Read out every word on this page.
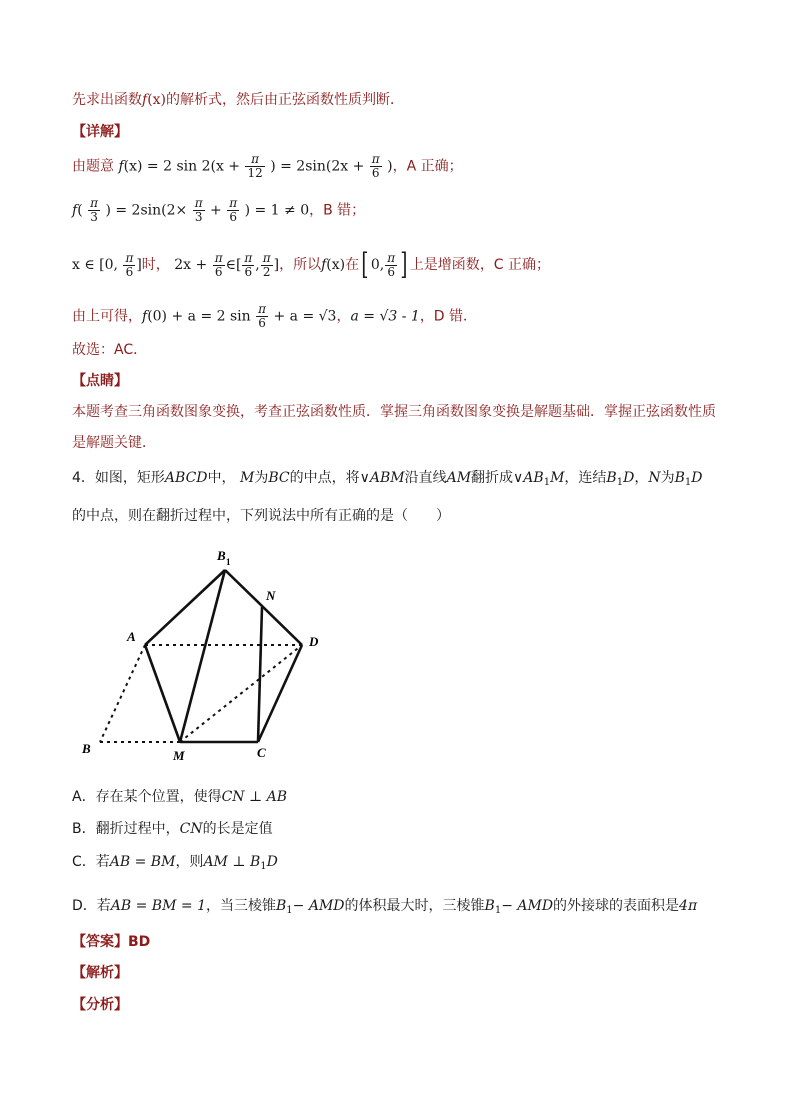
先求出函数f(x)的解析式，然后由正弦函数性质判断．
【详解】
由题意 f(x) = 2 $\sin 2(x + \frac{\pi}{12}$ ) = $2\sin(2x + \frac{\pi}{6}$ )，A 正确；
$f( \frac{\pi}{3}$ ) = $2\sin(2\times \frac{\pi}{3} + \frac{\pi}{6}$ ) = 1 ≠ 0，B 错；
x ∈ [0, $\frac{\pi}{6}$ ]时， $2x + \frac{\pi}{6}$ ∈[ $\frac{\pi}{6}$ , $\frac{\pi}{2}$ ]，所以f(x)在[ 0, $\frac{\pi}{6}$ ] 上是增函数，C 正确；
由上可得，f(0) + a = 2 $\sin \frac{\pi}{6} + a = √3$，a = √3 - 1，D 错．
故选：AC．
【点睛】
本题考查三角函数图象变换，考查正弦函数性质．掌握三角函数图象变换是解题基础．掌握正弦函数性质
是解题关键．
4．如图，矩形ABCD中， M为BC的中点，将∨ABM沿直线AM翻折成$\vee AB_1M$，连结$B_1D$，N为$B_1D$
的中点，则在翻折过程中，下列说法中所有正确的是（　　）
B 1
N
A	D
B	M	C
A．存在某个位置，使得CN ⊥ AB
B．翻折过程中，CN的长是定值
C．若AB = BM，则AM ⊥ $B_1D$
D．若AB = BM = 1，当三棱锥$B_1-$ AMD的体积最大时，三棱锥$B_1-$ AMD的外接球的表面积是4π
【答案】BD
【解析】
【分析】
